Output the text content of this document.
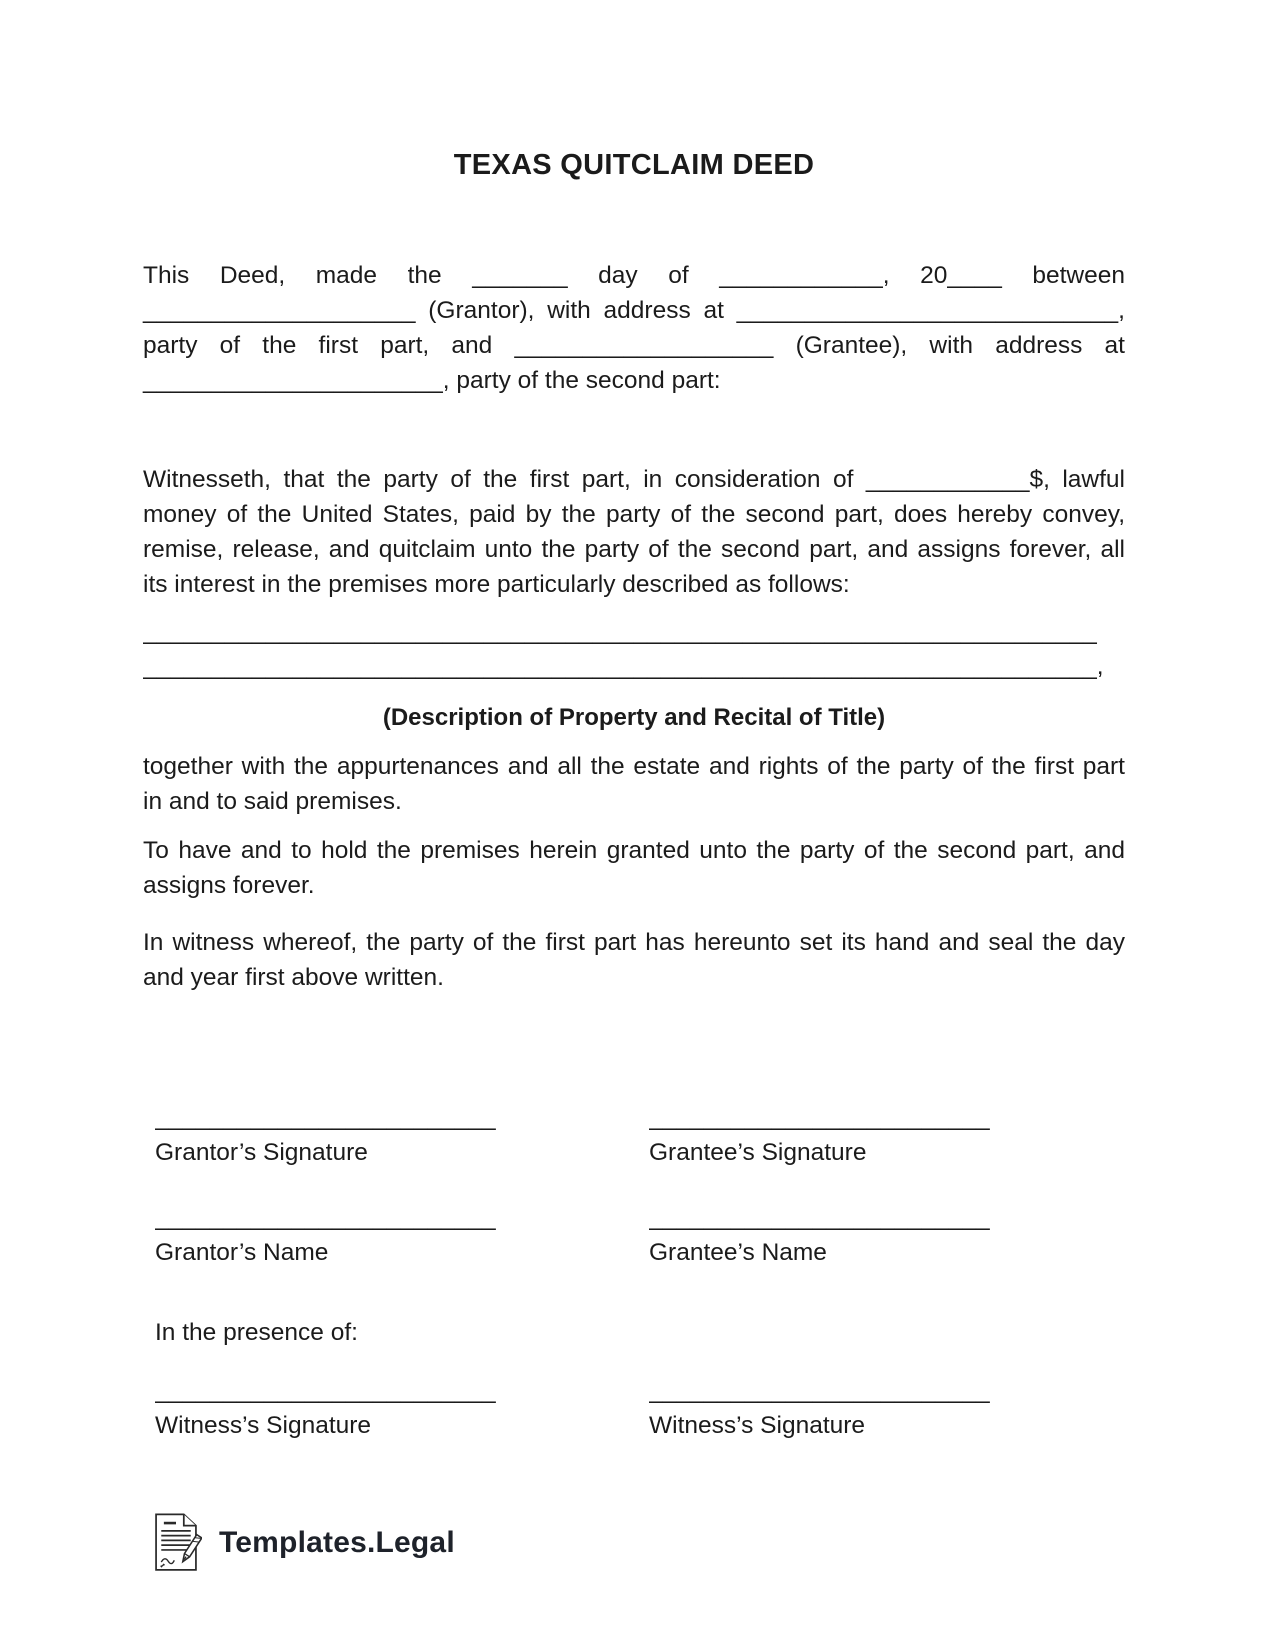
TEXAS QUITCLAIM DEED
This Deed, made the _______ day of ____________, 20____ between
____________________ (Grantor), with address at ____________________________,
party of the first part, and ___________________ (Grantee), with address at
______________________, party of the second part:
Witnesseth, that the party of the first part, in consideration of ____________$, lawful
money of the United States, paid by the party of the second part, does hereby convey,
remise, release, and quitclaim unto the party of the second part, and assigns forever, all
its interest in the premises more particularly described as follows:
______________________________________________________________________
______________________________________________________________________,
(Description of Property and Recital of Title)
together with the appurtenances and all the estate and rights of the party of the first part
in and to said premises.
To have and to hold the premises herein granted unto the party of the second part, and
assigns forever.
In witness whereof, the party of the first part has hereunto set its hand and seal the day
and year first above written.
_________________________
Grantor’s Signature
_________________________
Grantee’s Signature
_________________________
Grantor’s Name
_________________________
Grantee’s Name
In the presence of:
_________________________
Witness’s Signature
_________________________
Witness’s Signature
Templates.Legal
